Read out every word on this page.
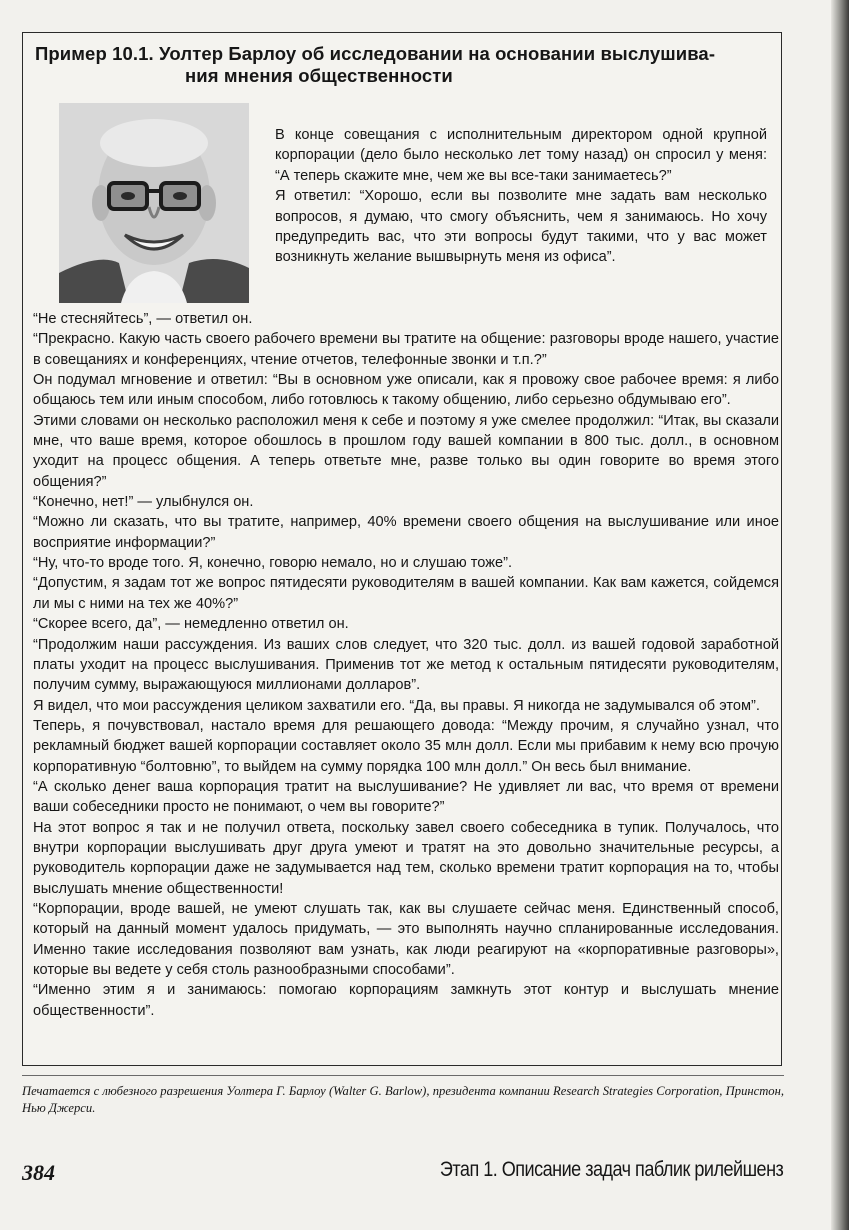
Пример 10.1. Уолтер Барлоу об исследовании на основании выслушива-
ния мнения общественности

В конце совещания с исполнительным директором одной крупной корпорации (дело было несколько лет тому назад) он спросил у меня: “А теперь скажите мне, чем же вы все-таки занимаетесь?”

Я ответил: “Хорошо, если вы позволите мне задать вам несколько вопросов, я думаю, что смогу объяснить, чем я занимаюсь. Но хочу предупредить вас, что эти вопросы будут такими, что у вас может возникнуть желание вышвырнуть меня из офиса”.

“Не стесняйтесь”, — ответил он.

“Прекрасно. Какую часть своего рабочего времени вы тратите на общение: разговоры вроде нашего, участие в совещаниях и конференциях, чтение отчетов, телефонные звонки и т.п.?”

Он подумал мгновение и ответил: “Вы в основном уже описали, как я провожу свое рабочее время: я либо общаюсь тем или иным способом, либо готовлюсь к такому общению, либо серьезно обдумываю его”.

Этими словами он несколько расположил меня к себе и поэтому я уже смелее продолжил: “Итак, вы сказали мне, что ваше время, которое обошлось в прошлом году вашей компании в 800 тыс. долл., в основном уходит на процесс общения. А теперь ответьте мне, разве только вы один говорите во время этого общения?”

“Конечно, нет!” — улыбнулся он.

“Можно ли сказать, что вы тратите, например, 40% времени своего общения на выслушивание или иное восприятие информации?”

“Ну, что-то вроде того. Я, конечно, говорю немало, но и слушаю тоже”.

“Допустим, я задам тот же вопрос пятидесяти руководителям в вашей компании. Как вам кажется, сойдемся ли мы с ними на тех же 40%?”

“Скорее всего, да”, — немедленно ответил он.

“Продолжим наши рассуждения. Из ваших слов следует, что 320 тыс. долл. из вашей годовой заработной платы уходит на процесс выслушивания. Применив тот же метод к остальным пятидесяти руководителям, получим сумму, выражающуюся миллионами долларов”.

Я видел, что мои рассуждения целиком захватили его. “Да, вы правы. Я никогда не задумывался об этом”.

Теперь, я почувствовал, настало время для решающего довода: “Между прочим, я случайно узнал, что рекламный бюджет вашей корпорации составляет около 35 млн долл. Если мы прибавим к нему всю прочую корпоративную “болтовню”, то выйдем на сумму порядка 100 млн долл.” Он весь был внимание.

“А сколько денег ваша корпорация тратит на выслушивание? Не удивляет ли вас, что время от времени ваши собеседники просто не понимают, о чем вы говорите?”

На этот вопрос я так и не получил ответа, поскольку завел своего собеседника в тупик. Получалось, что внутри корпорации выслушивать друг друга умеют и тратят на это довольно значительные ресурсы, а руководитель корпорации даже не задумывается над тем, сколько времени тратит корпорация на то, чтобы выслушать мнение общественности!

“Корпорации, вроде вашей, не умеют слушать так, как вы слушаете сейчас меня. Единственный способ, который на данный момент удалось придумать, — это выполнять научно спланированные исследования. Именно такие исследования позволяют вам узнать, как люди реагируют на «корпоративные разговоры», которые вы ведете у себя столь разнообразными способами”.

“Именно этим я и занимаюсь: помогаю корпорациям замкнуть этот контур и выслушать мнение общественности”.

Печатается с любезного разрешения Уолтера Г. Барлоу (Walter G. Barlow), президента компании Research Strategies Corporation, Принстон, Нью Джерси.
384	Этап 1. Описание задач паблик рилейшенз
